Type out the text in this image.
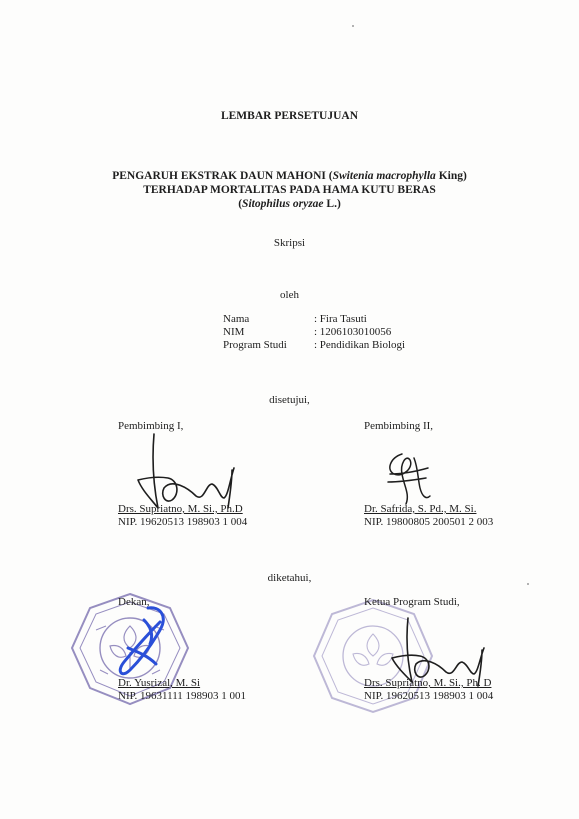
LEMBAR PERSETUJUAN
PENGARUH EKSTRAK DAUN MAHONI (Switenia macrophylla King)
TERHADAP MORTALITAS PADA HAMA KUTU BERAS
(Sitophilus oryzae L.)
Skripsi
oleh
Nama	: Fira Tasuti
NIM	: 1206103010056
Program Studi : Pendidikan Biologi
disetujui,
Pembimbing I,
Drs. Supriatno, M. Si., Ph.D
NIP. 19620513 198903 1 004
Pembimbing II,
Dr. Safrida, S. Pd., M. Si.
NIP. 19800805 200501 2 003
diketahui,
Dekan,
Dr. Yusrizal, M. Si
NIP. 19631111 198903 1 001
Ketua Program Studi,
Drs. Supriatno, M. Si., Ph. D
NIP. 19620513 198903 1 004
